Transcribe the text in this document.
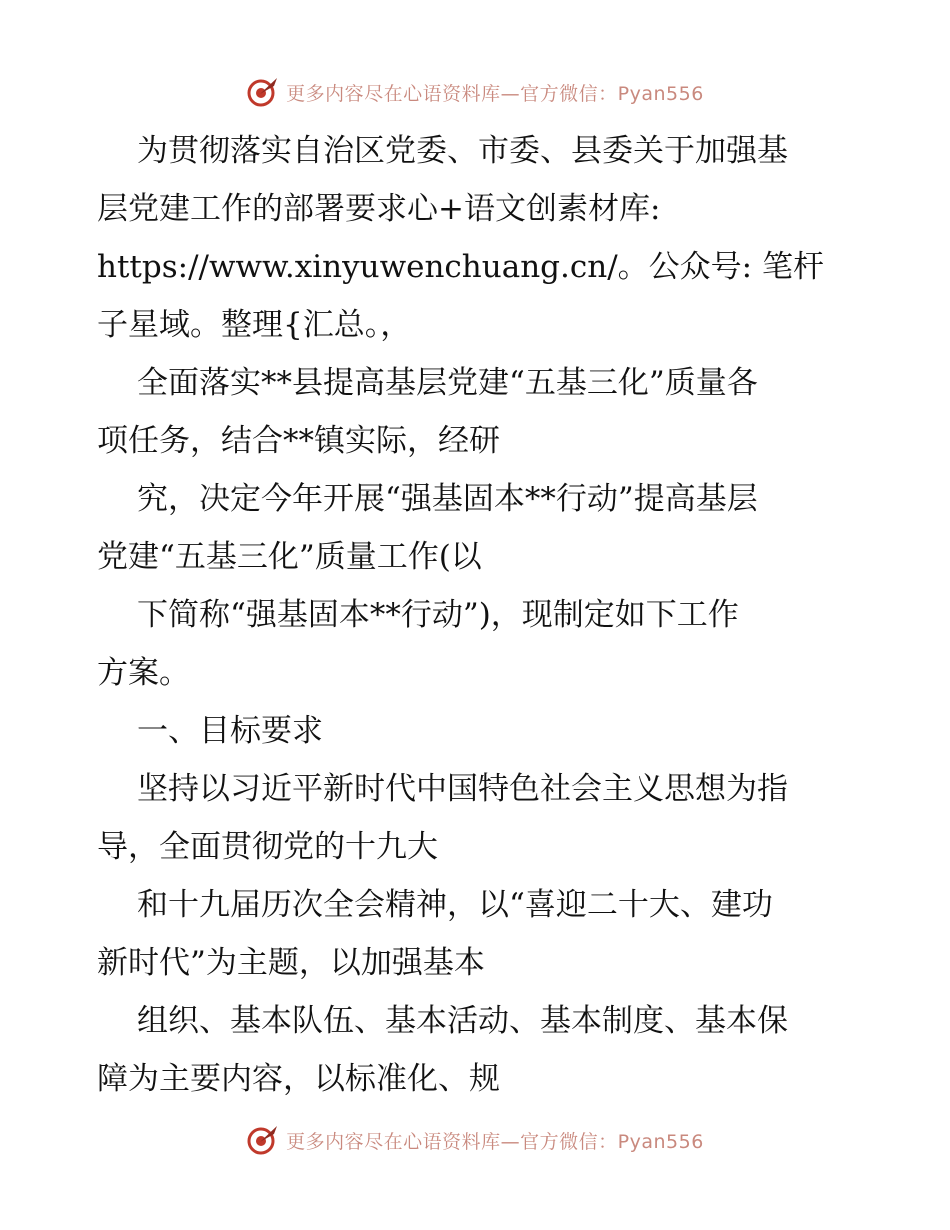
更多内容尽在心语资料库—官方微信：Pyan556
为贯彻落实自治区党委、市委、县委关于加强基
层党建工作的部署要求心+语文创素材库:
https://www.xinyuwenchuang.cn/。公众号: 笔杆
子星域。整理{汇总。，
全面落实**县提高基层党建“五基三化”质量各
项任务，结合**镇实际，经研
究，决定今年开展“强基固本**行动”提高基层
党建“五基三化”质量工作(以
下简称“强基固本**行动”)，现制定如下工作
方案。
一、目标要求
坚持以习近平新时代中国特色社会主义思想为指
导，全面贯彻党的十九大
和十九届历次全会精神，以“喜迎二十大、建功
新时代”为主题，以加强基本
组织、基本队伍、基本活动、基本制度、基本保
障为主要内容，以标准化、规
更多内容尽在心语资料库—官方微信：Pyan556
